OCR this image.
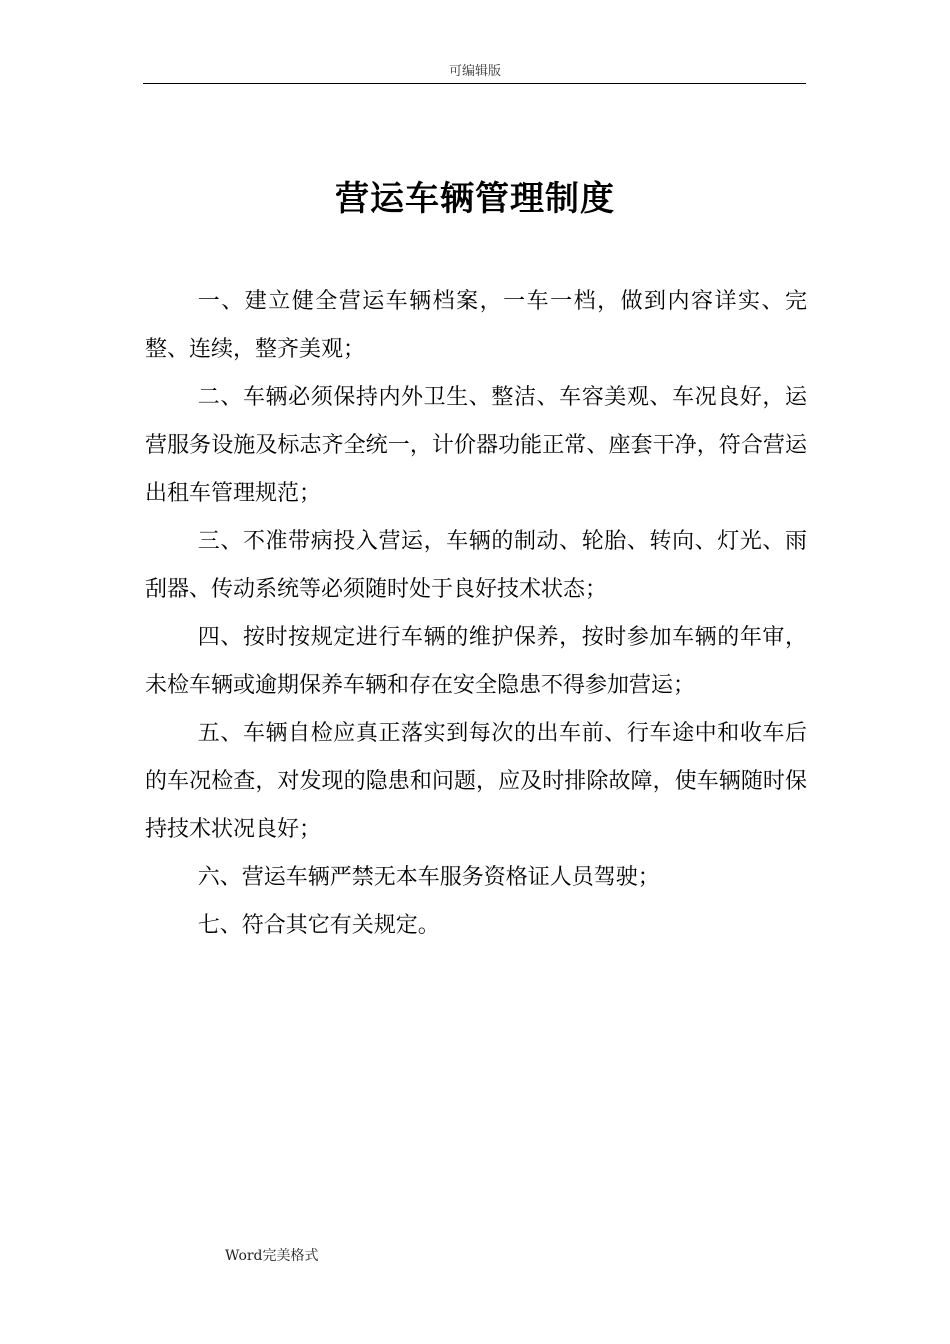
可编辑版
营运车辆管理制度

一、建立健全营运车辆档案，一车一档，做到内容详实、完整、连续，整齐美观；

二、车辆必须保持内外卫生、整洁、车容美观、车况良好，运营服务设施及标志齐全统一，计价器功能正常、座套干净，符合营运出租车管理规范；

三、不准带病投入营运，车辆的制动、轮胎、转向、灯光、雨刮器、传动系统等必须随时处于良好技术状态；

四、按时按规定进行车辆的维护保养，按时参加车辆的年审，未检车辆或逾期保养车辆和存在安全隐患不得参加营运；

五、车辆自检应真正落实到每次的出车前、行车途中和收车后的车况检查，对发现的隐患和问题，应及时排除故障，使车辆随时保持技术状况良好；

六、营运车辆严禁无本车服务资格证人员驾驶；

七、符合其它有关规定。

Word完美格式
